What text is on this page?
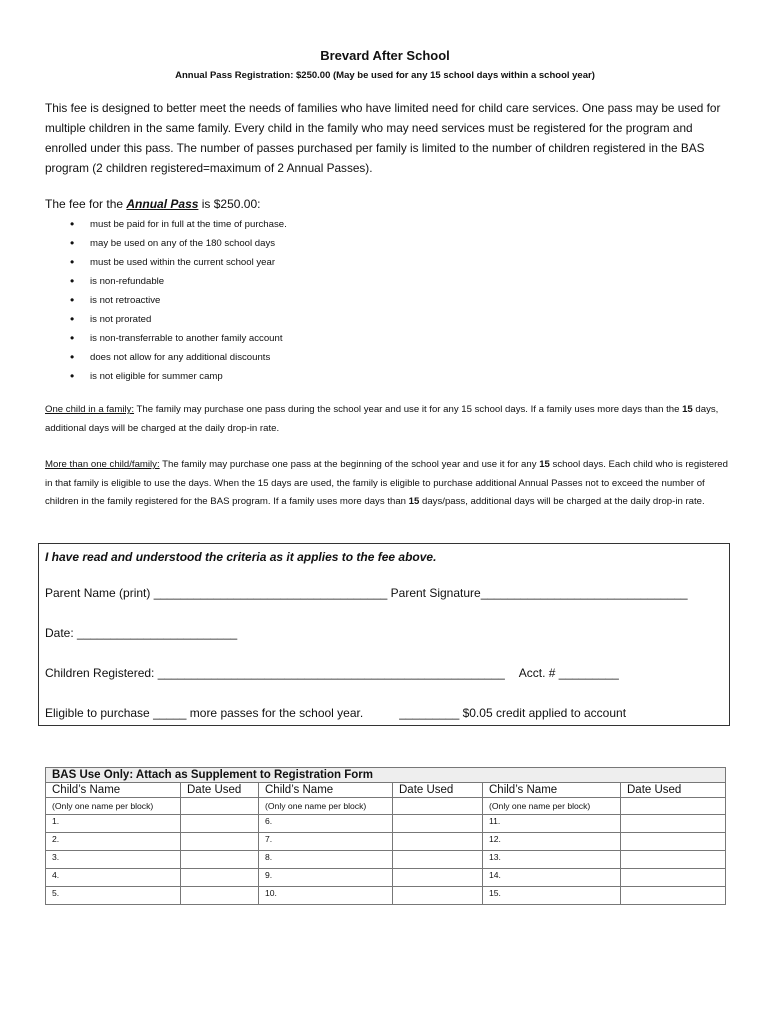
Brevard After School
Annual Pass Registration: $250.00 (May be used for any 15 school days within a school year)
This fee is designed to better meet the needs of families who have limited need for child care services. One pass may be used for multiple children in the same family. Every child in the family who may need services must be registered for the program and enrolled under this pass. The number of passes purchased per family is limited to the number of children registered in the BAS program (2 children registered=maximum of 2 Annual Passes).
The fee for the Annual Pass is $250.00:
• must be paid for in full at the time of purchase.
• may be used on any of the 180 school days
• must be used within the current school year
• is non-refundable
• is not retroactive
• is not prorated
• is non-transferrable to another family account
• does not allow for any additional discounts
• is not eligible for summer camp
One child in a family: The family may purchase one pass during the school year and use it for any 15 school days. If a family uses more days than the 15 days, additional days will be charged at the daily drop-in rate.
More than one child/family: The family may purchase one pass at the beginning of the school year and use it for any 15 school days. Each child who is registered in that family is eligible to use the days. When the 15 days are used, the family is eligible to purchase additional Annual Passes not to exceed the number of children in the family registered for the BAS program. If a family uses more days than 15 days/pass, additional days will be charged at the daily drop-in rate.
I have read and understood the criteria as it applies to the fee above.
Parent Name (print) ___________________________________ Parent Signature_______________________________
Date: ________________________
Children Registered: ____________________________________________________ Acct. # _________
Eligible to purchase _____ more passes for the school year.	_________ $0.05 credit applied to account
BAS Use Only: Attach as Supplement to Registration Form					
Child’s Name	Date Used	Child’s Name	Date Used	Child’s Name	Date Used
(Only one name per block)		(Only one name per block)		(Only one name per block)	
1.		6.		11.	
2.		7.		12.	
3.		8.		13.	
4.		9.		14.	
5.		10.		15.	
